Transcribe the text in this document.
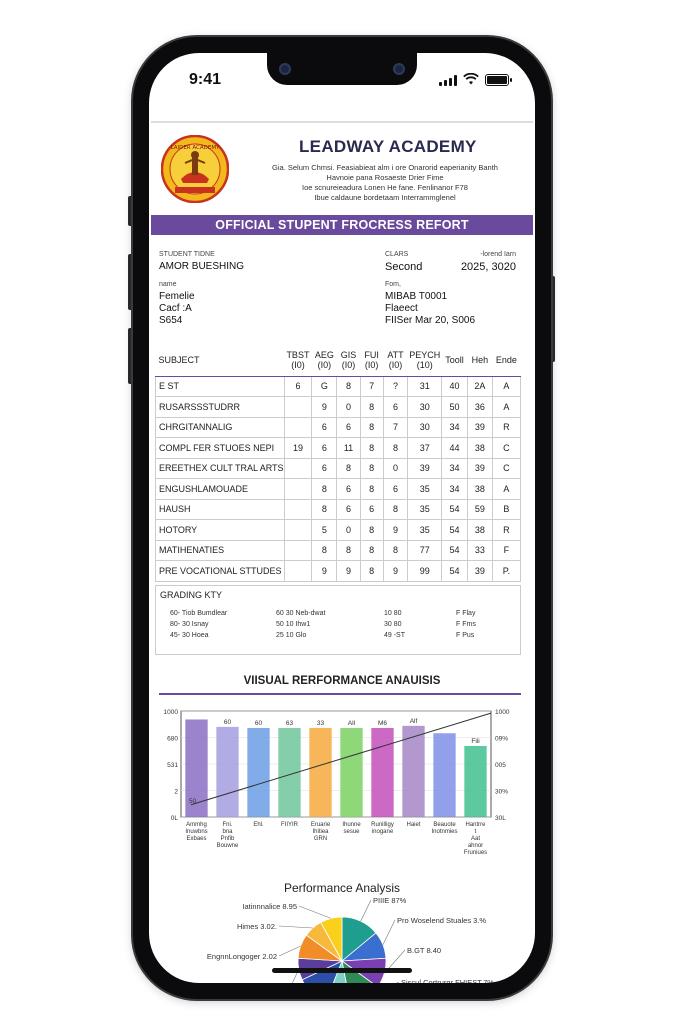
9:41
LAIDER ACADEMY	LEADWAY ACADEMY
Gia. Selum Chmsi. Feasiabieat alm i ore Onarorid eaperianity Banth
Havnoie pana Rosaeste Drier Fime
Ioe scnureieadura Lonen He fane. Fenlinanor F78
Ibue caldaune bordetaam Interrammglenel
OFFICIAL STUPENT FROCRESS REFORT
STUDENT TIDNE
AMOR BUESHING
name
Femelie
Cacf :A
S654
CLARS
Second
-lorend Iarn
2025, 3020
Fom,
MIBAB T0001
Flaeect
FIISer Mar 20, S006
SUBJECT	TBST (I0)	AEG (I0)	GIS (I0)	FUI (I0)	ATT (I0)	PEYCH (10)	Tooll	Heh	Ende
E ST	6	G	8	7	?	31	40	2A	A
RUSARSSSTUDRR		9	0	8	6	30	50	36	A
CHRGITANNALIG		6	6	8	7	30	34	39	R
COMPL FER STUOES NEPI	19	6	11	8	8	37	44	38	C
EREETHEX CULT TRAL ARTS		6	8	8	0	39	34	39	C
ENGUSHLAMOUADE		8	6	8	6	35	34	38	A
HAUSH		8	6	6	8	35	54	59	B
HOTORY		5	0	8	9	35	54	38	R
MATIHENATIES		8	8	8	8	77	54	33	F
PRE VOCATIONAL STTUDES		9	9	8	9	99	54	39	P.
GRADING KTY
60- Tiob Bumdlear	60 30 Neb-dwat	10 80	F Flay
80- 30 Isnay	50 10 Ihw1	30 80	F Fms
45- 30 Hoea	25 10 Glo	49 -ST	F Pus
VIISUAL RERFORMANCE ANAUISIS
1000
680
531
2
0L
1000
09%
005
30%
30L
Ammhg
Inuwbns
Exbaes
60
Fni.
bna
Pnfib
Bouwne
60
Ehl.
63
FIIYIR
33
Eruarie
Ihitiea
GRN
AIl
Ihunne
sesue
M6
Runilligy
inogane
Alf
Haiet Beauote
Inotnmies
Fili
Hantrre
t
Aat
ahnor
Fruniues
50
Performance Analysis
PIIIE 87%
Pro Woselend Stuales 3.%
B.GT 8.40
Siscul Cortrurgr FHIEST.7%
Busnse Stuiles 60%
09 Chrisian Religuie Stuiies 9.9%
Conneer Caltuel Ar.
EngnnLongoger 2.02
Himes 3.02.
Iatinnnalice 8.95
